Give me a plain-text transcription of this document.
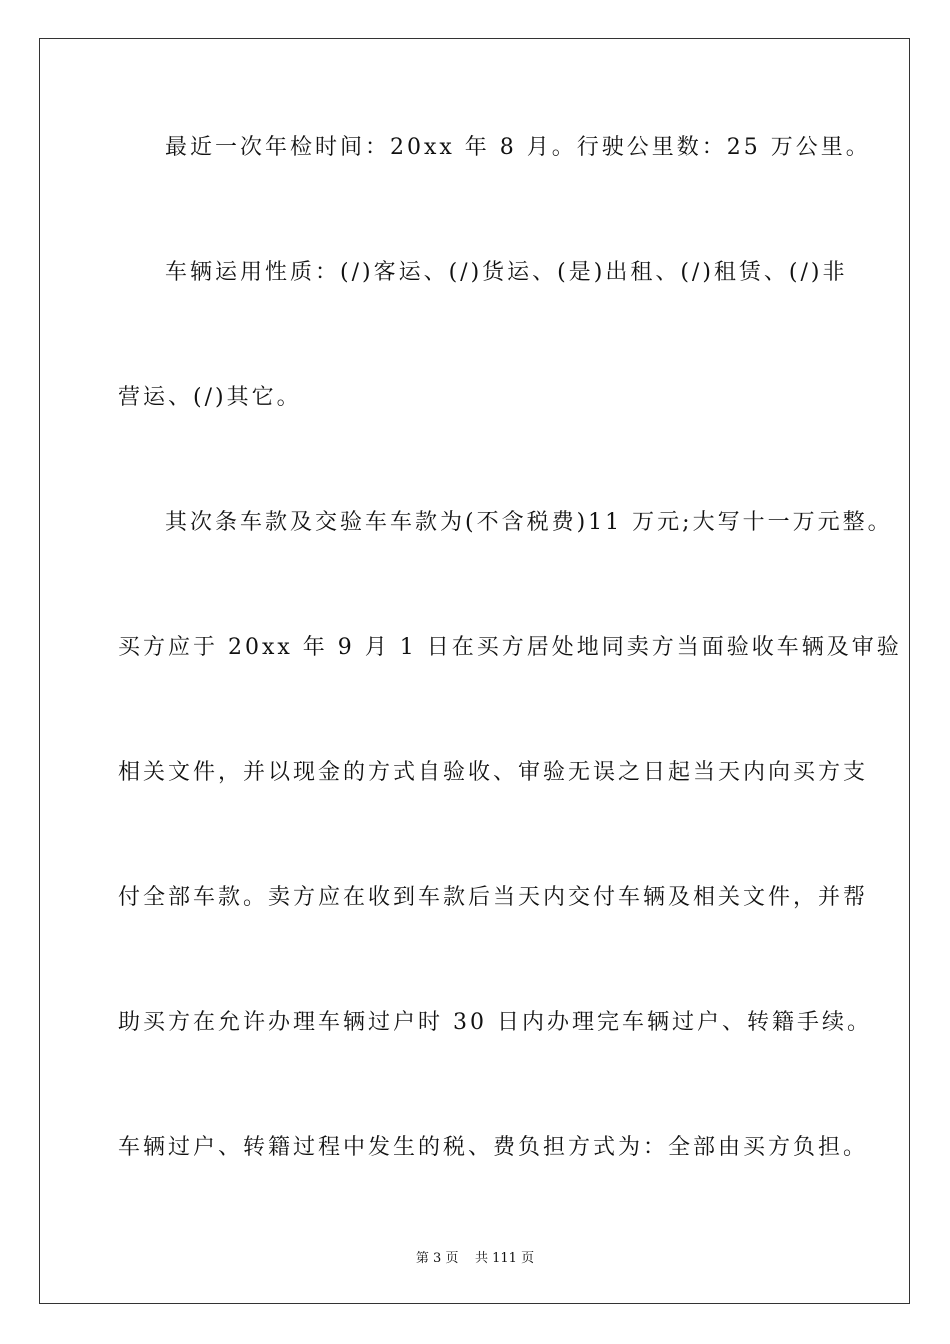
最近一次年检时间：20xx 年 8 月。行驶公里数：25 万公里。
车辆运用性质：(/)客运、(/)货运、(是)出租、(/)租赁、(/)非
营运、(/)其它。
其次条车款及交验车车款为(不含税费)11 万元;大写十一万元整。
买方应于 20xx 年 9 月 1 日在买方居处地同卖方当面验收车辆及审验
相关文件，并以现金的方式自验收、审验无误之日起当天内向买方支
付全部车款。卖方应在收到车款后当天内交付车辆及相关文件，并帮
助买方在允许办理车辆过户时 30 日内办理完车辆过户、转籍手续。
车辆过户、转籍过程中发生的税、费负担方式为：全部由买方负担。
第 3 页    共 111 页
